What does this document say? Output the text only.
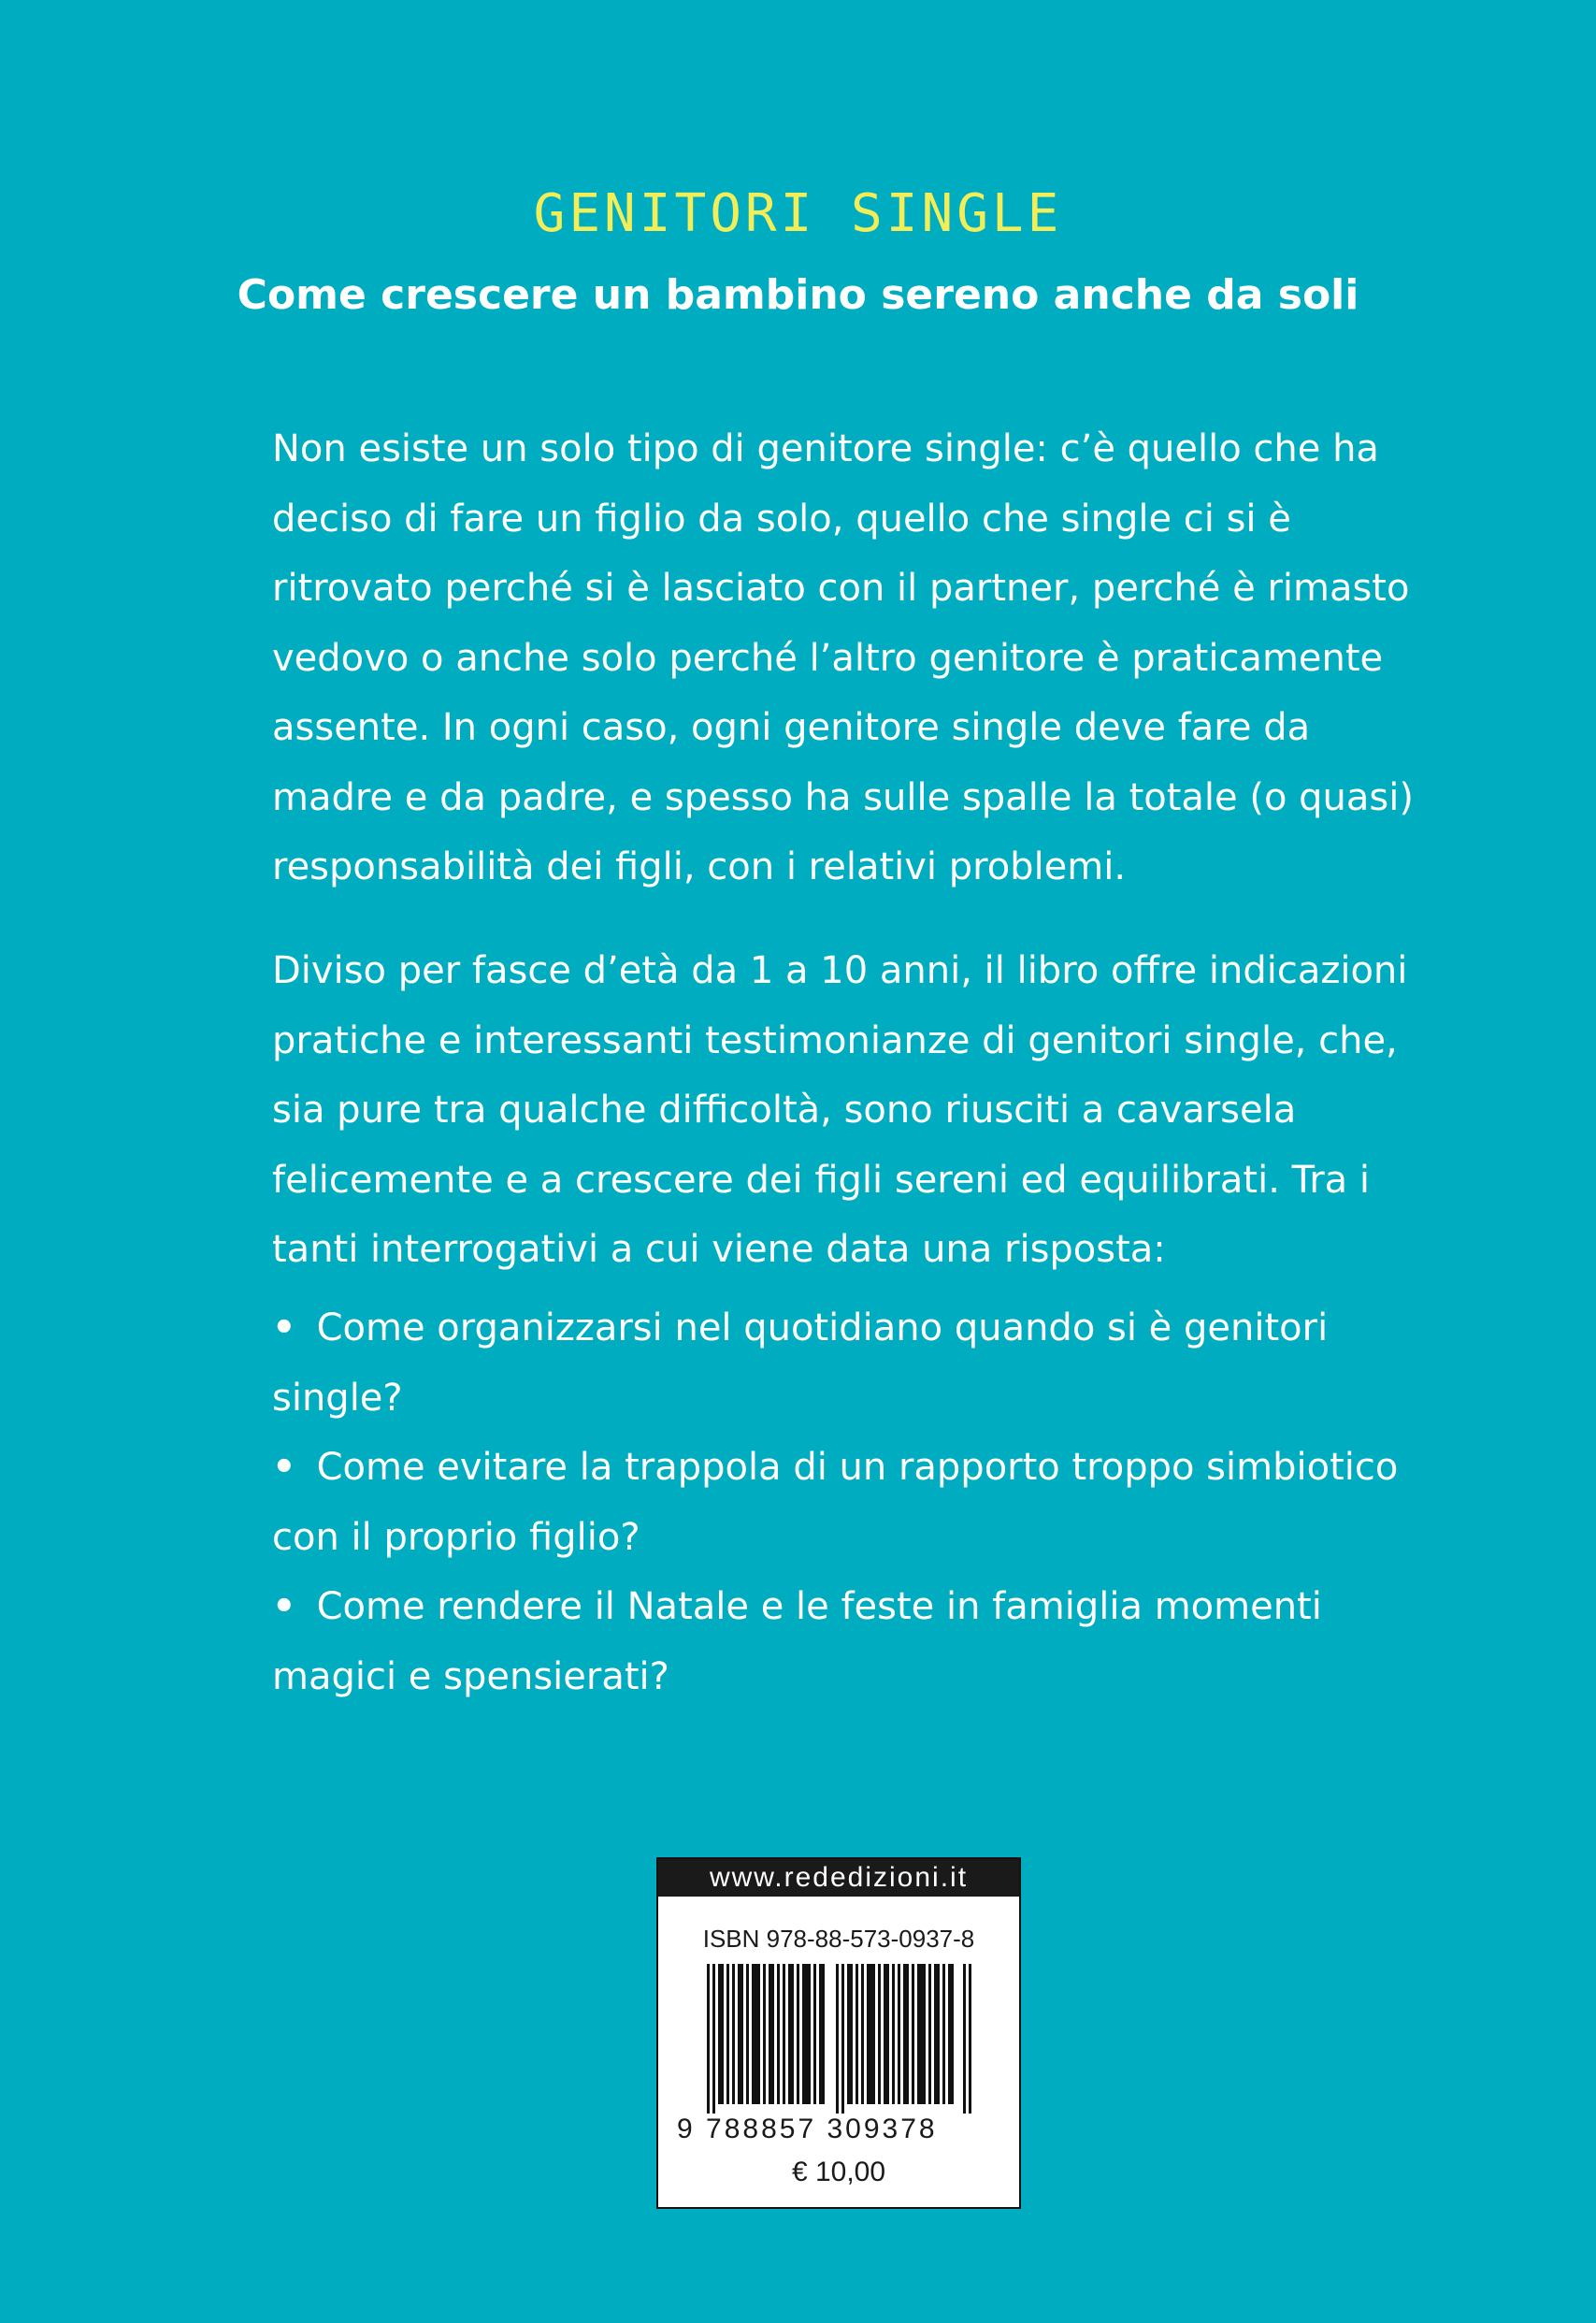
GENITORI SINGLE
Come crescere un bambino sereno anche da soli
Non esiste un solo tipo di genitore single: c’è quello che ha deciso di fare un figlio da solo, quello che single ci si è ritrovato perché si è lasciato con il partner, perché è rimasto vedovo o anche solo perché l’altro genitore è praticamente assente. In ogni caso, ogni genitore single deve fare da madre e da padre, e spesso ha sulle spalle la totale (o quasi) responsabilità dei figli, con i relativi problemi.
Diviso per fasce d’età da 1 a 10 anni, il libro offre indicazioni pratiche e interessanti testimonianze di genitori single, che, sia pure tra qualche difficoltà, sono riusciti a cavarsela felicemente e a crescere dei figli sereni ed equilibrati. Tra i tanti interrogativi a cui viene data una risposta:
• Come organizzarsi nel quotidiano quando si è genitori single?
• Come evitare la trappola di un rapporto troppo simbiotico con il proprio figlio?
• Come rendere il Natale e le feste in famiglia momenti magici e spensierati?
www.rededizioni.it
ISBN 978-88-573-0937-8
9 788857 309378
€ 10,00
